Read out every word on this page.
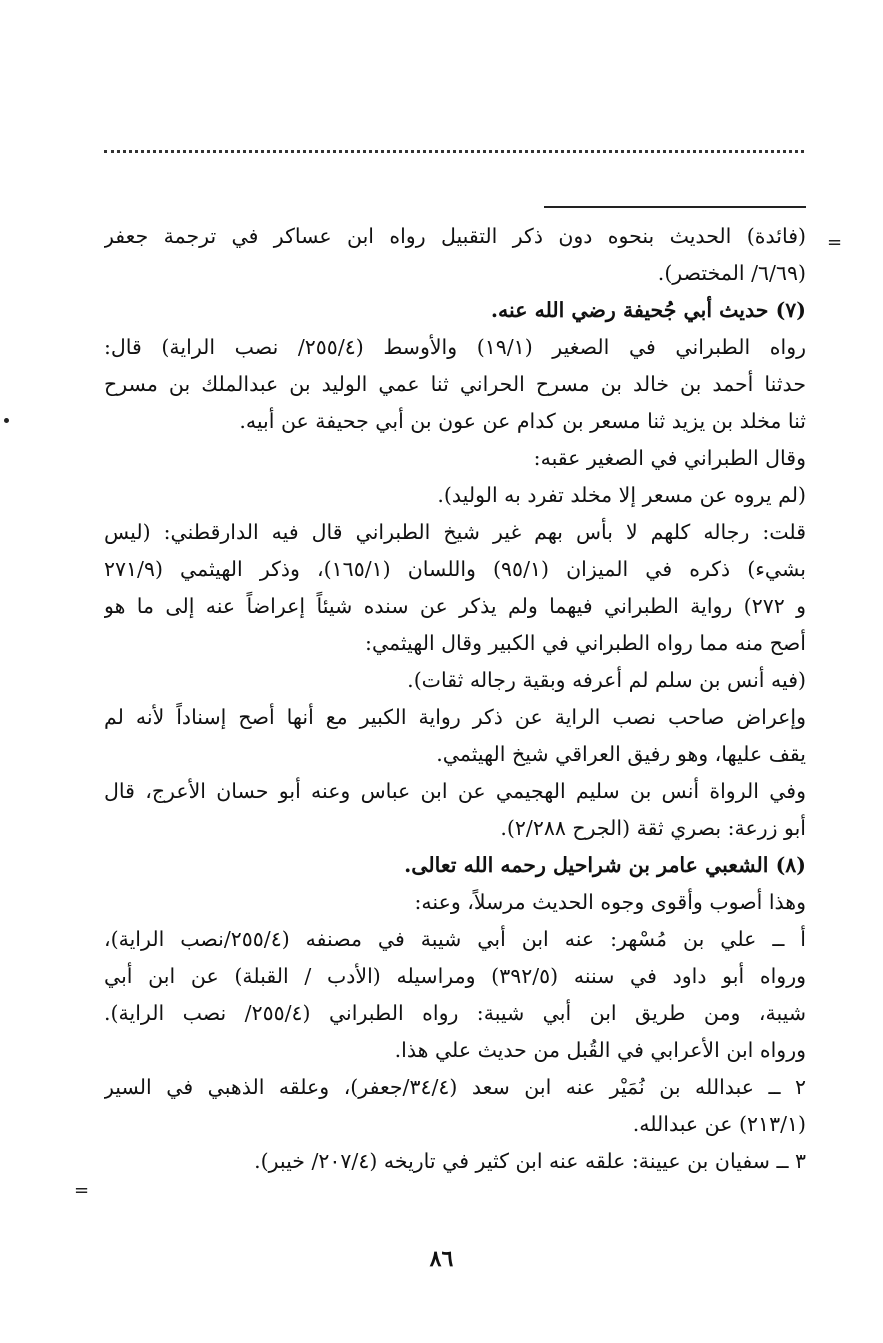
=
=
(فائدة) الحديث بنحوه دون ذكر التقبيل رواه ابن عساكر في ترجمة جعفر
(٦/٦٩/ المختصر).
(٧) حديث أبي جُحيفة رضي الله عنه.
رواه الطبراني في الصغير (١٩/١) والأوسط (٢٥٥/٤/ نصب الراية) قال:
حدثنا أحمد بن خالد بن مسرح الحراني ثنا عمي الوليد بن عبدالملك بن مسرح
ثنا مخلد بن يزيد ثنا مسعر بن كدام عن عون بن أبي جحيفة عن أبيه.
وقال الطبراني في الصغير عقبه:
(لم يروه عن مسعر إلا مخلد تفرد به الوليد).
قلت: رجاله كلهم لا بأس بهم غير شيخ الطبراني قال فيه الدارقطني: (ليس
بشيء) ذكره في الميزان (٩٥/١) واللسان (١٦٥/١)، وذكر الهيثمي (٢٧١/٩
و ٢٧٢) رواية الطبراني فيهما ولم يذكر عن سنده شيئاً إعراضاً عنه إلى ما هو
أصح منه مما رواه الطبراني في الكبير وقال الهيثمي:
(فيه أنس بن سلم لم أعرفه وبقية رجاله ثقات).
وإعراض صاحب نصب الراية عن ذكر رواية الكبير مع أنها أصح إسناداً لأنه لم
يقف عليها، وهو رفيق العراقي شيخ الهيثمي.
وفي الرواة أنس بن سليم الهجيمي عن ابن عباس وعنه أبو حسان الأعرج، قال
أبو زرعة: بصري ثقة (الجرح ٢/٢٨٨).
(٨) الشعبي عامر بن شراحيل رحمه الله تعالى.
وهذا أصوب وأقوى وجوه الحديث مرسلاً، وعنه:
أ ــ علي بن مُسْهر: عنه ابن أبي شيبة في مصنفه (٢٥٥/٤/نصب الراية)،
ورواه أبو داود في سننه (٣٩٢/٥) ومراسيله (الأدب / القبلة) عن ابن أبي
شيبة، ومن طريق ابن أبي شيبة: رواه الطبراني (٢٥٥/٤/ نصب الراية).
ورواه ابن الأعرابي في القُبل من حديث علي هذا.
٢ ــ عبدالله بن نُمَيْر عنه ابن سعد (٣٤/٤/جعفر)، وعلقه الذهبي في السير
(٢١٣/١) عن عبدالله.
٣ ــ سفيان بن عيينة: علقه عنه ابن كثير في تاريخه (٢٠٧/٤/ خيبر).
٨٦
